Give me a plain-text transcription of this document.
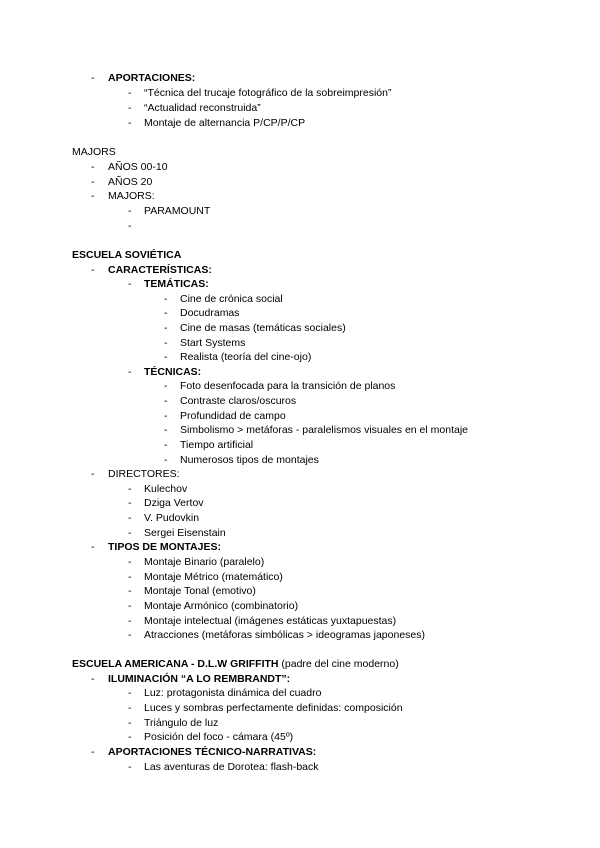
- APORTACIONES:
- “Técnica del trucaje fotográfico de la sobreimpresión”
- “Actualidad reconstruida”
- Montaje de alternancia P/CP/P/CP
MAJORS
- AÑOS 00-10
- AÑOS 20
- MAJORS:
- PARAMOUNT
-
ESCUELA SOVIÉTICA
- CARACTERÍSTICAS:
- TEMÁTICAS:
- Cine de crónica social
- Docudramas
- Cine de masas (temáticas sociales)
- Start Systems
- Realista (teoría del cine-ojo)
- TÉCNICAS:
- Foto desenfocada para la transición de planos
- Contraste claros/oscuros
- Profundidad de campo
- Simbolismo > metáforas - paralelismos visuales en el montaje
- Tiempo artificial
- Numerosos tipos de montajes
- DIRECTORES:
- Kulechov
- Dziga Vertov
- V. Pudovkin
- Sergei Eisenstain
- TIPOS DE MONTAJES:
- Montaje Binario (paralelo)
- Montaje Métrico (matemático)
- Montaje Tonal (emotivo)
- Montaje Armónico (combinatorio)
- Montaje intelectual (imágenes estáticas yuxtapuestas)
- Atracciones (metáforas simbólicas > ideogramas japoneses)
ESCUELA AMERICANA - D.L.W GRIFFITH (padre del cine moderno)
- ILUMINACIÓN “A LO REMBRANDT”:
- Luz: protagonista dinámica del cuadro
- Luces y sombras perfectamente definidas: composición
- Triángulo de luz
- Posición del foco - cámara (45º)
- APORTACIONES TÉCNICO-NARRATIVAS:
- Las aventuras de Dorotea: flash-back
